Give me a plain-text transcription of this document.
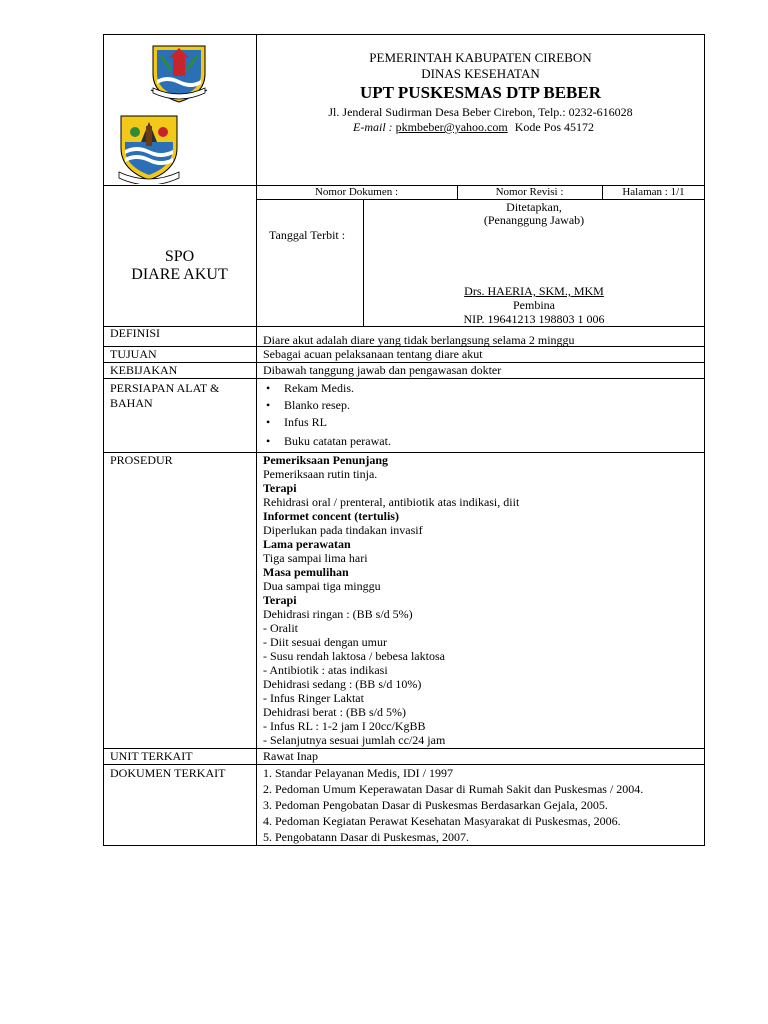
PEMERINTAH KABUPATEN CIREBON
DINAS KESEHATAN
UPT PUSKESMAS DTP BEBER
Jl. Jenderal Sudirman Desa Beber Cirebon, Telp.: 0232-616028
E-mail : pkmbeber@yahoo.com Kode Pos 45172
Nomor Dokumen :	Nomor Revisi :	Halaman : 1/1
SPO
DIARE AKUT
Tanggal Terbit :
Ditetapkan,
(Penanggung Jawab)
Drs. HAERIA, SKM., MKM
Pembina
NIP. 19641213 198803 1 006
DEFINISI	Diare akut adalah diare yang tidak berlangsung selama 2 minggu
TUJUAN	Sebagai acuan pelaksanaan tentang diare akut
KEBIJAKAN	Dibawah tanggung jawab dan pengawasan dokter
PERSIAPAN ALAT &
BAHAN
• Rekam Medis.
• Blanko resep.
• Infus RL
• Buku catatan perawat.
PROSEDUR	Pemeriksaan Penunjang
Pemeriksaan rutin tinja.
Terapi
Rehidrasi oral / prenteral, antibiotik atas indikasi, diit
Informet concent (tertulis)
Diperlukan pada tindakan invasif
Lama perawatan
Tiga sampai lima hari
Masa pemulihan
Dua sampai tiga minggu
Terapi
Dehidrasi ringan : (BB s/d 5%)
- Oralit
- Diit sesuai dengan umur
- Susu rendah laktosa / bebesa laktosa
- Antibiotik : atas indikasi
Dehidrasi sedang : (BB s/d 10%)
- Infus Ringer Laktat
Dehidrasi berat : (BB s/d 5%)
- Infus RL : 1-2 jam I 20cc/KgBB
- Selanjutnya sesuai jumlah cc/24 jam
UNIT TERKAIT	Rawat Inap
DOKUMEN TERKAIT	1. Standar Pelayanan Medis, IDI / 1997
2. Pedoman Umum Keperawatan Dasar di Rumah Sakit dan Puskesmas / 2004.
3. Pedoman Pengobatan Dasar di Puskesmas Berdasarkan Gejala, 2005.
4. Pedoman Kegiatan Perawat Kesehatan Masyarakat di Puskesmas, 2006.
5. Pengobatann Dasar di Puskesmas, 2007.
